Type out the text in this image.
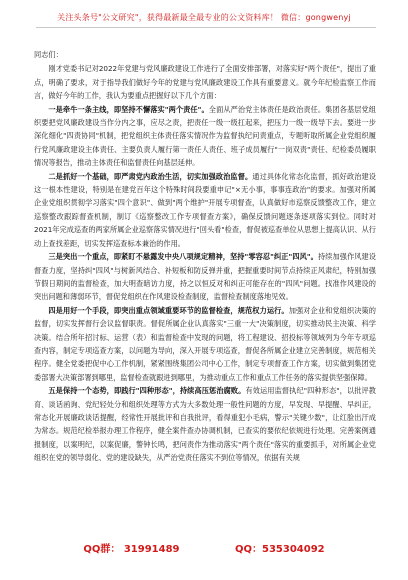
关注头条号"公文研究"，获得最新最全最专业的公文资料库！ 微信：gongwenyj

同志们：

刚才党委书记对2022年党建与党风廉政建设工作进行了全面安排部署，对落实好"两个责任"，提出了重点，明确了要求，对于指导我们做好今年的党建与党风廉政建设工作具有重要意义。就今年纪检监察工作而言，做好今年的工作，我认为要重点把握好以下几个方面：

一是牵牛一条主线，即坚持不懈落实"两个责任"。全面从严治党主体责任是政治责任。集团各基层党组织要把党风廉政建设当作分内之事，应尽之责，把责任一级一级扛起来，把压力一级一级导下去。要进一步深化细化"四责协同"机制，把党组织主体责任落实情况作为监督执纪问责重点，专题听取所属企业党组织履行党风廉政建设主体责任、主要负责人履行第一责任人责任、班子成员履行"一岗双责"责任、纪检委员履职情况等报告，推动主体责任和监督责任向基层延伸。

二是抓好一个基础，即严肃党内政治生活，切实加强政治监督。通过具体化常态化监督，抓好政治建设这一根本性建设，特别是在建党百年这个特殊时间段要重申记"×无小事，事事连政治"的要求。加强对所属企业党组织贯彻学习落实"四个意识"、做到"两个维护"开展专项督查，认真做好市巡察反馈整改工作，建立巡察整改跟踪督查机制，制订《巡察整改工作专项督查方案》，确保反馈问题逐条逐项落实到位。同时对2021年完成巡查的两家所属企业巡察落实情况进行"回头看"检查，督促被巡查单位从思想上提高认识、从行动上查找差距，切实发挥巡查标本兼治的作用。

三是突出一个重点，即紧盯不悬露发中央八项规定精神，坚持"零容忍"纠正"四风"。持续加强作风建设督查力度，坚持纠"四风"与树新风结合、补短板和防反弹并重，把握重要时间节点持续正风肃纪，特别加强节假日期间的监督检查，加大明查暗访力度，持之以恒反对和纠正可能存在的"四风"问题。找准作风建设的突出问题和薄弱环节，督促党组织在作风建设检查制度，监督检查制度落地见效。

四是用好一个手段，即突出重点领域重要环节的监督检查，规范权力运行。加强对企业和党组织决策的监督，切实发挥督行会议监督职责。督促所属企业认真落实"三重一大"决策制度，切实推动民主决策、科学决策。结合所年招讨标、运营（表）和监督检查中发现的问题，将工程建设、招投标等领域列为今年专项巡查内容，制定专项巡查方案，以问题为导向，深入开展专项巡查，督促各所属企业建立完善制度，规范相关程序。健全党委把促中心工作机制，紧紧围绕集团公司中心工作，制定专项督查工作方案，切实做到集团党委部署大决策部署到哪里，监督检查就跟进到哪里，为推动重点工作和重点工作任务的落实提供坚强保障。

五是保持一个态势，即践行"四种形态"，持续高压惩治腐败。有效运用监督执纪"四种形态"，以批评教育、谈话函询、党纪轻处分和组织处理等方式为大多数处理一般性问题的方度，早发现、早提醒、早纠正，常态化开展廉政谈话提醒，经常性开展批评和自我批评，看得重犯小毛病，警示"关键少数"，让红脸出汗成为常态。规范纪检举报办理工作程序，健全案件查办协调机制，已查实的要依纪依规进行处理。完善案例通报制度，以案明纪，以案促廉，警钟长鸣，把问责作为推动落实"两个责任"落实的重要抓手，对所属企业党组织在党的领导弱化、党的建设缺失，从严治党责任落实不到位等情况，依据有关规

QQ群： 31991489	QQ：535304092
